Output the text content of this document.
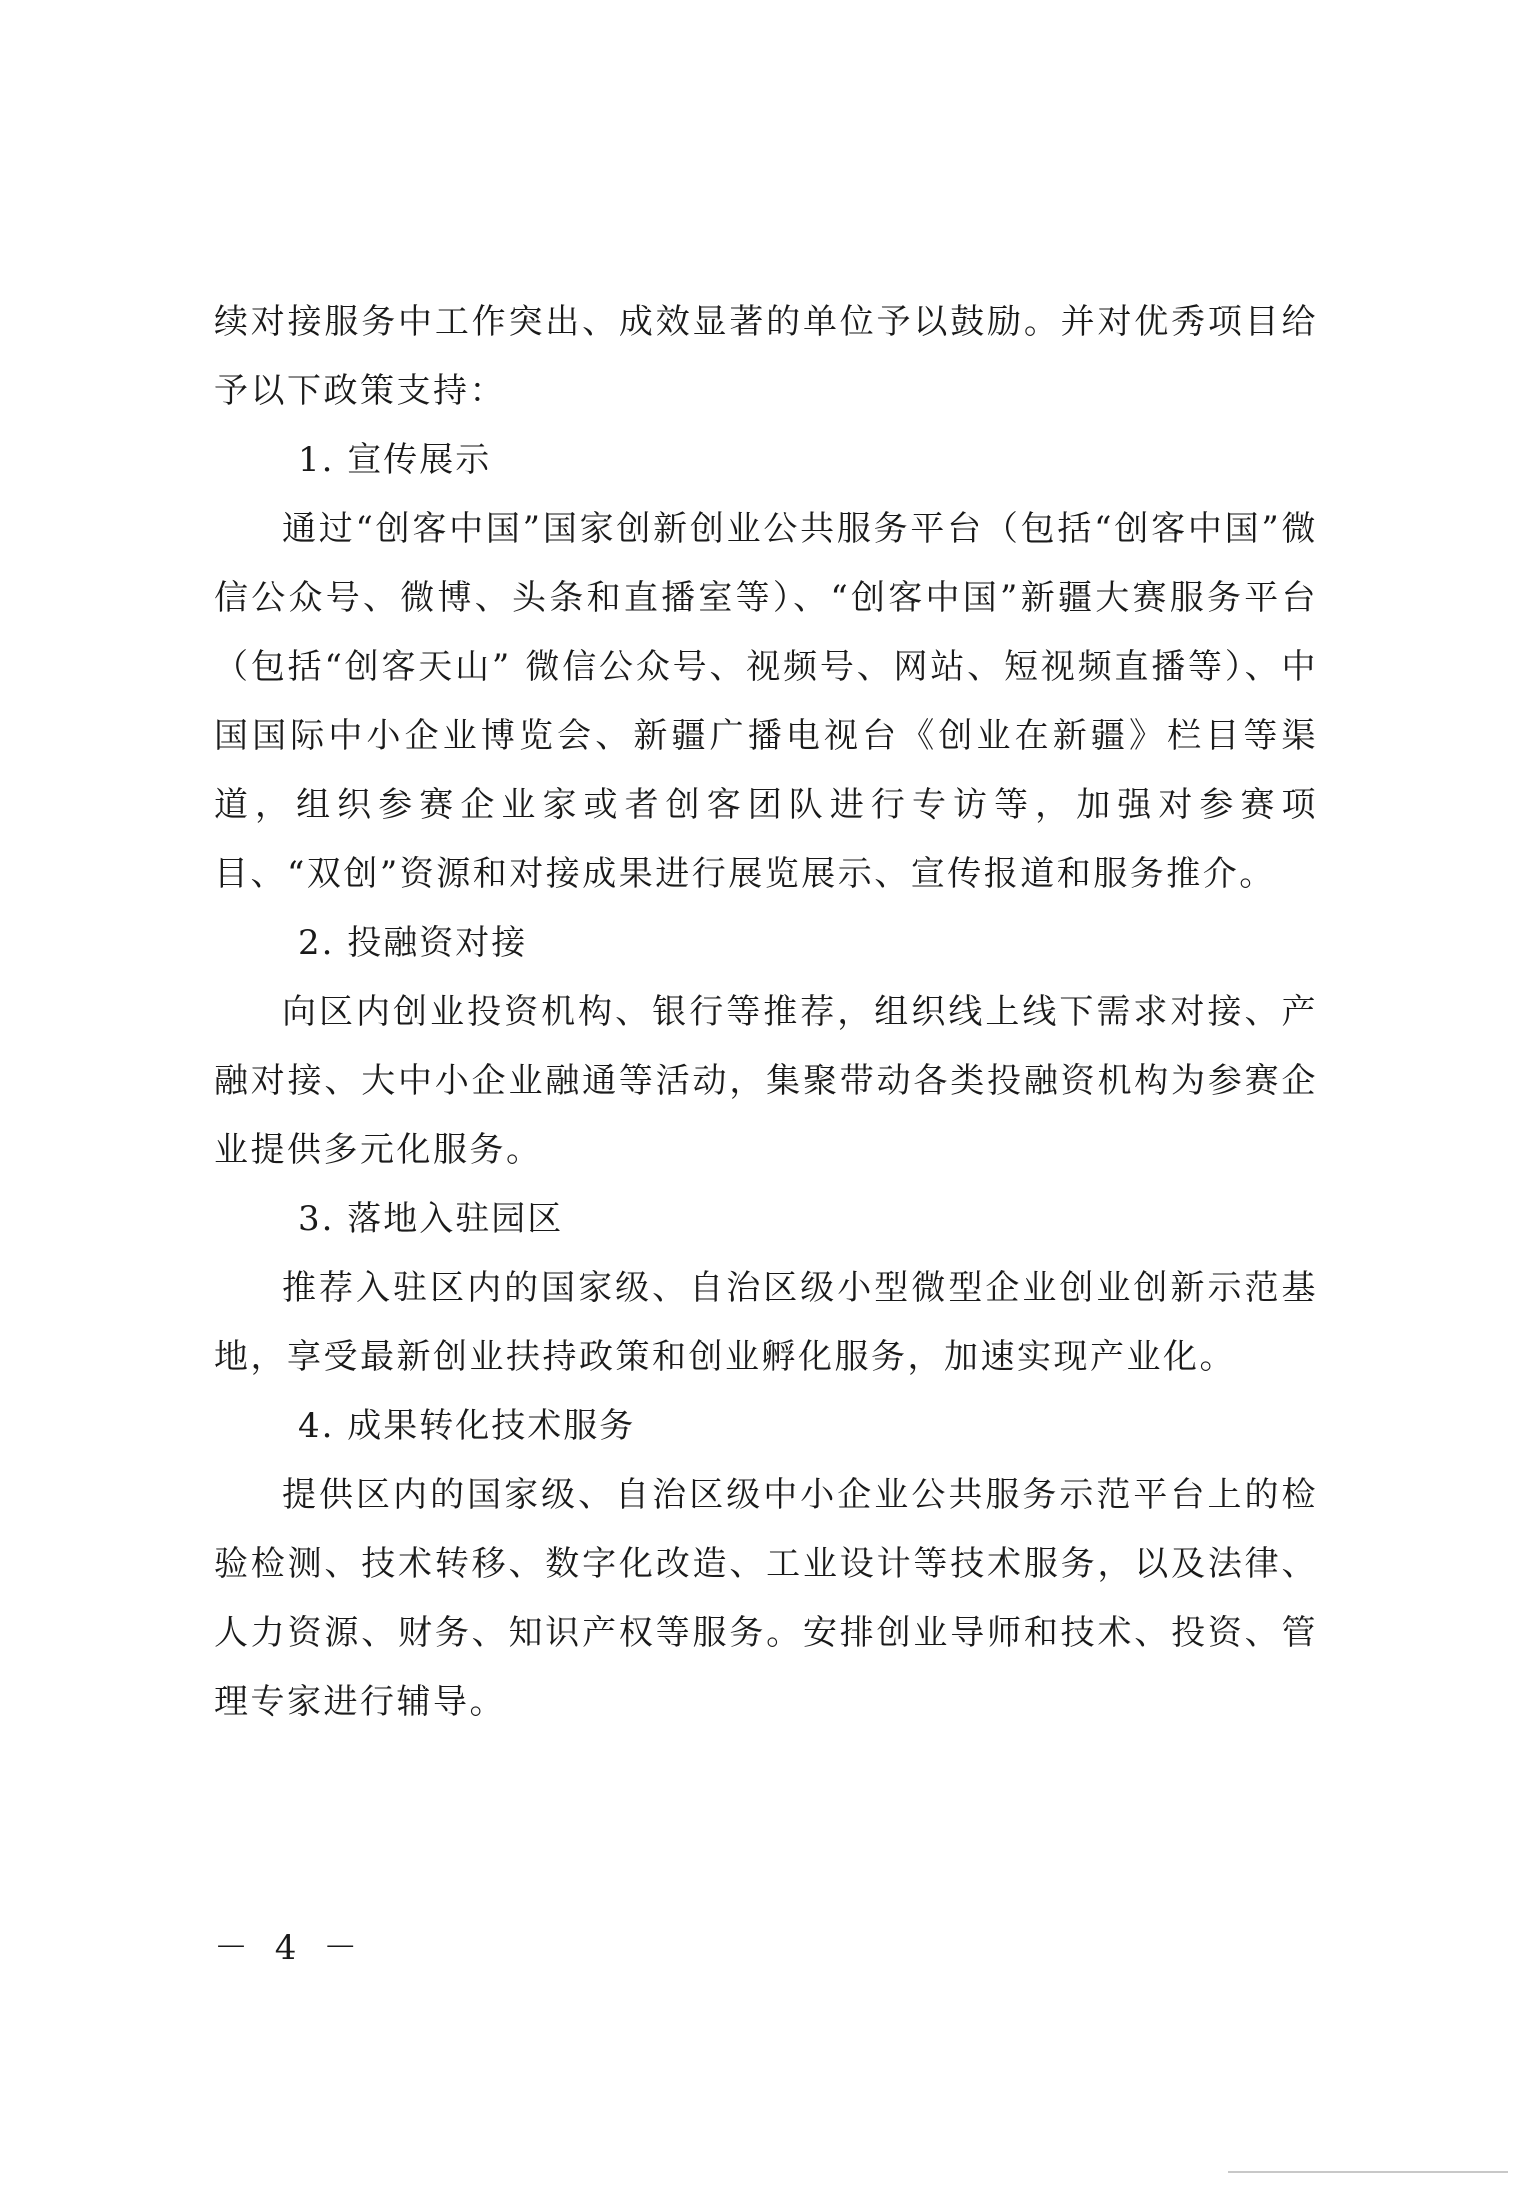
续对接服务中工作突出、成效显著的单位予以鼓励。并对优秀项目给予以下政策支持：

1. 宣传展示

通过“创客中国”国家创新创业公共服务平台（包括“创客中国”微信公众号、微博、头条和直播室等）、“创客中国”新疆大赛服务平台（包括“创客天山” 微信公众号、视频号、网站、短视频直播等）、中国国际中小企业博览会、新疆广播电视台《创业在新疆》栏目等渠道，组织参赛企业家或者创客团队进行专访等，加强对参赛项目、“双创”资源和对接成果进行展览展示、宣传报道和服务推介。

2. 投融资对接

向区内创业投资机构、银行等推荐，组织线上线下需求对接、产融对接、大中小企业融通等活动，集聚带动各类投融资机构为参赛企业提供多元化服务。

3. 落地入驻园区

推荐入驻区内的国家级、自治区级小型微型企业创业创新示范基地，享受最新创业扶持政策和创业孵化服务，加速实现产业化。

4. 成果转化技术服务

提供区内的国家级、自治区级中小企业公共服务示范平台上的检验检测、技术转移、数字化改造、工业设计等技术服务，以及法律、人力资源、财务、知识产权等服务。安排创业导师和技术、投资、管理专家进行辅导。

－ 4 －
